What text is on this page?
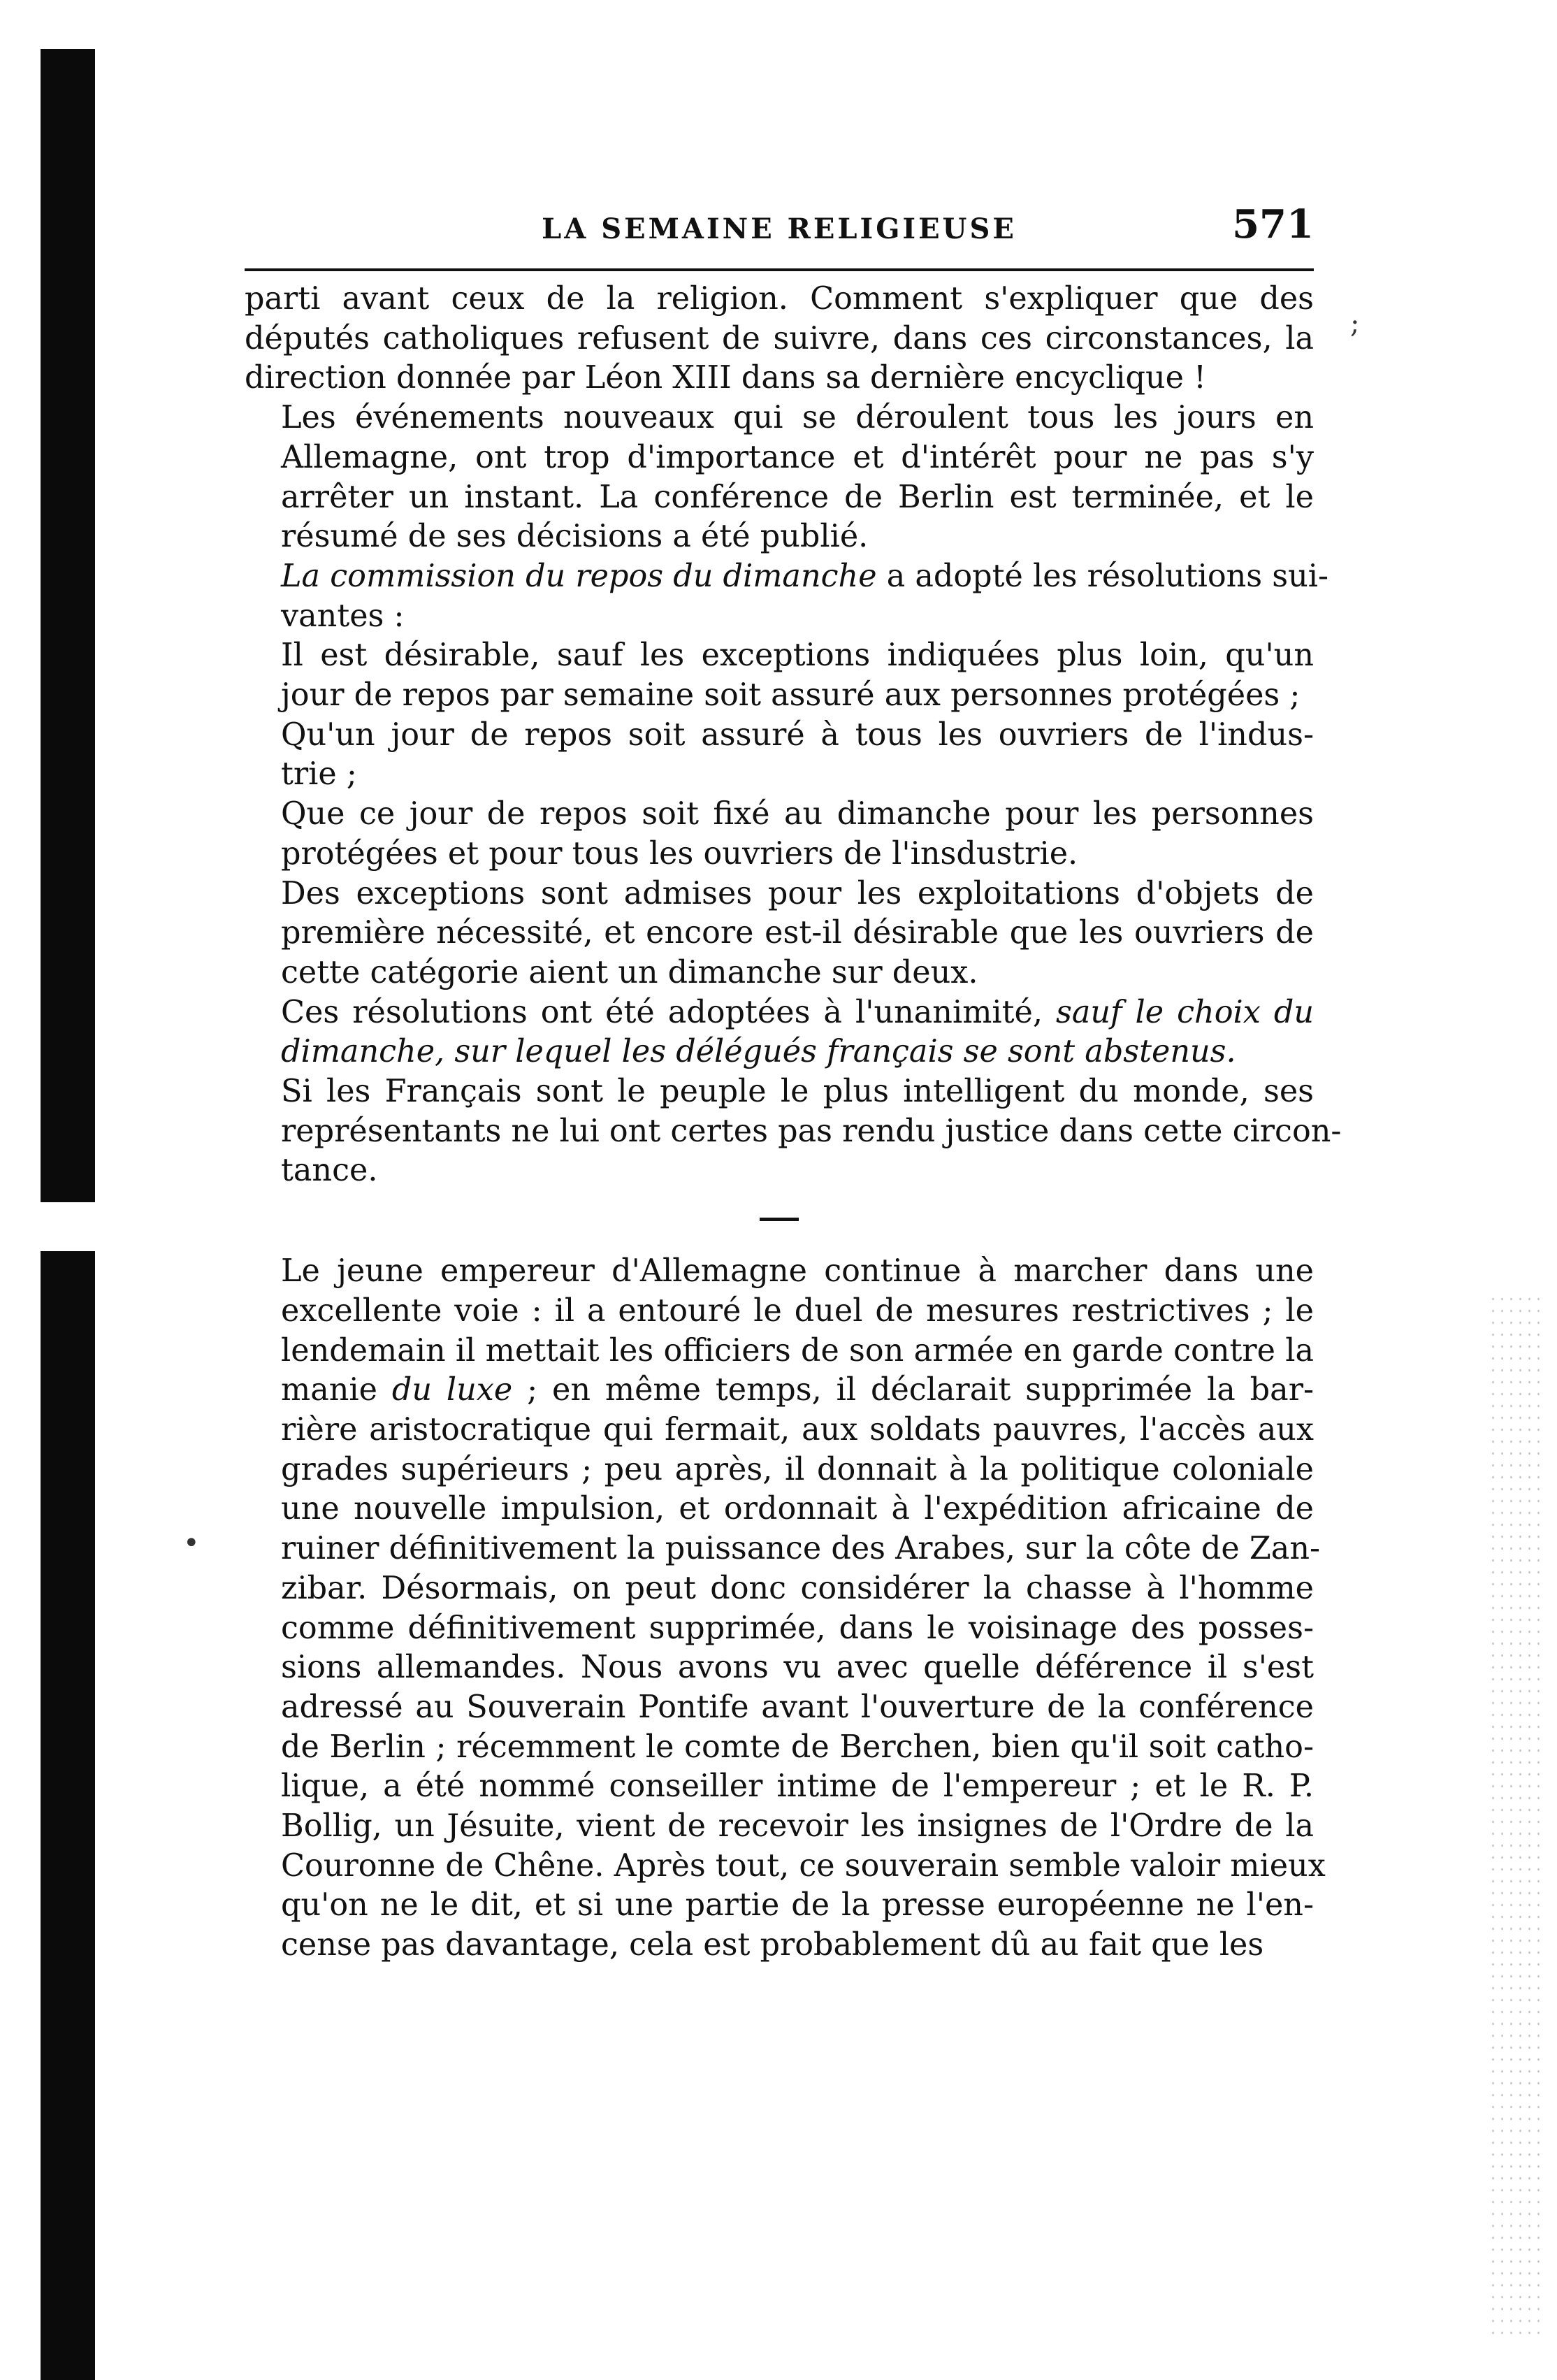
LA SEMAINE RELIGIEUSE	571

parti avant ceux de la religion. Comment s'expliquer que des
députés catholiques refusent de suivre, dans ces circonstances, la
direction donnée par Léon XIII dans sa dernière encyclique !

Les événements nouveaux qui se déroulent tous les jours en
Allemagne, ont trop d'importance et d'intérêt pour ne pas s'y
arrêter un instant. La conférence de Berlin est terminée, et le
résumé de ses décisions a été publié.

La commission du repos du dimanche a adopté les résolutions sui-
vantes :

Il est désirable, sauf les exceptions indiquées plus loin, qu'un
jour de repos par semaine soit assuré aux personnes protégées ;

Qu'un jour de repos soit assuré à tous les ouvriers de l'indus-
trie ;

Que ce jour de repos soit fixé au dimanche pour les personnes
protégées et pour tous les ouvriers de l'insdustrie.

Des exceptions sont admises pour les exploitations d'objets de
première nécessité, et encore est-il désirable que les ouvriers de
cette catégorie aient un dimanche sur deux.

Ces résolutions ont été adoptées à l'unanimité, sauf le choix du
dimanche, sur lequel les délégués français se sont abstenus.

Si les Français sont le peuple le plus intelligent du monde, ses
représentants ne lui ont certes pas rendu justice dans cette circon-
tance.

Le jeune empereur d'Allemagne continue à marcher dans une
excellente voie : il a entouré le duel de mesures restrictives ; le
lendemain il mettait les officiers de son armée en garde contre la
manie du luxe ; en même temps, il déclarait supprimée la bar-
rière aristocratique qui fermait, aux soldats pauvres, l'accès aux
grades supérieurs ; peu après, il donnait à la politique coloniale
une nouvelle impulsion, et ordonnait à l'expédition africaine de
ruiner définitivement la puissance des Arabes, sur la côte de Zan-
zibar. Désormais, on peut donc considérer la chasse à l'homme
comme définitivement supprimée, dans le voisinage des posses-
sions allemandes. Nous avons vu avec quelle déférence il s'est
adressé au Souverain Pontife avant l'ouverture de la conférence
de Berlin ; récemment le comte de Berchen, bien qu'il soit catho-
lique, a été nommé conseiller intime de l'empereur ; et le R. P.
Bollig, un Jésuite, vient de recevoir les insignes de l'Ordre de la
Couronne de Chêne. Après tout, ce souverain semble valoir mieux
qu'on ne le dit, et si une partie de la presse européenne ne l'en-
cense pas davantage, cela est probablement dû au fait que les

;
•
